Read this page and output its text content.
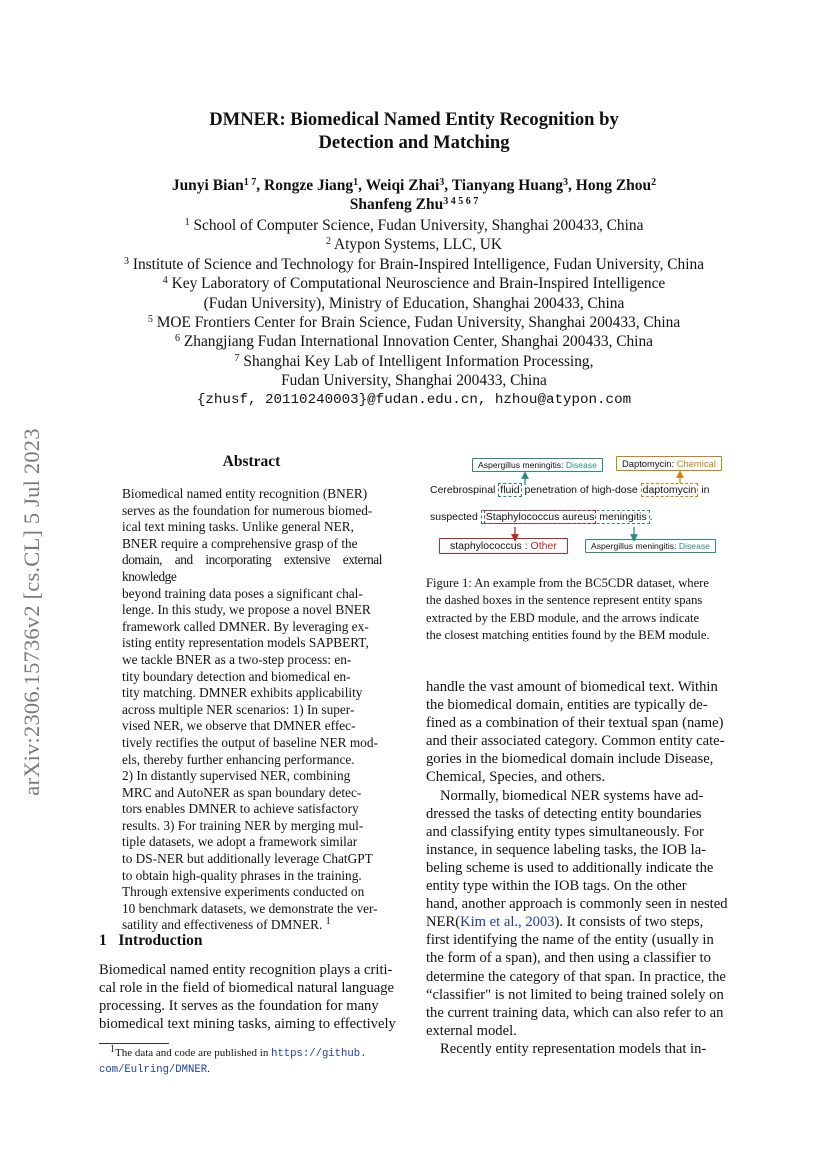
arXiv:2306.15736v2 [cs.CL] 5 Jul 2023
DMNER: Biomedical Named Entity Recognition by
Detection and Matching
Junyi Bian$^{1 7}$, Rongze Jiang$^1$, Weiqi Zhai$^3$, Tianyang Huang$^3$, Hong Zhou$^2$
Shanfeng Zhu$^{3 4 5 6 7}$
$^1$ School of Computer Science, Fudan University, Shanghai 200433, China
$^2$ Atypon Systems, LLC, UK
$^3$ Institute of Science and Technology for Brain-Inspired Intelligence, Fudan University, China
$^4$ Key Laboratory of Computational Neuroscience and Brain-Inspired Intelligence
(Fudan University), Ministry of Education, Shanghai 200433, China
$^5$ MOE Frontiers Center for Brain Science, Fudan University, Shanghai 200433, China
$^6$ Zhangjiang Fudan International Innovation Center, Shanghai 200433, China
$^7$ Shanghai Key Lab of Intelligent Information Processing,
Fudan University, Shanghai 200433, China
{zhusf, 20110240003}@fudan.edu.cn, hzhou@atypon.com
Abstract
Biomedical named entity recognition (BNER)
serves as the foundation for numerous biomed-
ical text mining tasks. Unlike general NER,
BNER require a comprehensive grasp of the
domain, and incorporating extensive external knowledge
beyond training data poses a significant chal-
lenge. In this study, we propose a novel BNER
framework called DMNER. By leveraging ex-
isting entity representation models SAPBERT,
we tackle BNER as a two-step process: en-
tity boundary detection and biomedical en-
tity matching. DMNER exhibits applicability
across multiple NER scenarios: 1) In super-
vised NER, we observe that DMNER effec-
tively rectifies the output of baseline NER mod-
els, thereby further enhancing performance.
2) In distantly supervised NER, combining
MRC and AutoNER as span boundary detec-
tors enables DMNER to achieve satisfactory
results. 3) For training NER by merging mul-
tiple datasets, we adopt a framework similar
to DS-NER but additionally leverage ChatGPT
to obtain high-quality phrases in the training.
Through extensive experiments conducted on
10 benchmark datasets, we demonstrate the ver-
satility and effectiveness of DMNER. $^1$
1 Introduction
Biomedical named entity recognition plays a criti-
cal role in the field of biomedical natural language
processing. It serves as the foundation for many
biomedical text mining tasks, aiming to effectively
$^1$The data and code are published in https://github.
com/Eulring/DMNER.
Aspergillus meningitis: Disease	Daptomycin: Chemical
Cerebrospinal fluid penetration of high-dose daptomycin in
suspected Staphylococcus aureus meningitis .
staphylococcus : Other	Aspergillus meningitis: Disease
Figure 1: An example from the BC5CDR dataset, where
the dashed boxes in the sentence represent entity spans
extracted by the EBD module, and the arrows indicate
the closest matching entities found by the BEM module.
handle the vast amount of biomedical text. Within
the biomedical domain, entities are typically de-
fined as a combination of their textual span (name)
and their associated category. Common entity cate-
gories in the biomedical domain include Disease,
Chemical, Species, and others.
Normally, biomedical NER systems have ad-
dressed the tasks of detecting entity boundaries
and classifying entity types simultaneously. For
instance, in sequence labeling tasks, the IOB la-
beling scheme is used to additionally indicate the
entity type within the IOB tags. On the other
hand, another approach is commonly seen in nested
NER(Kim et al., 2003). It consists of two steps,
first identifying the name of the entity (usually in
the form of a span), and then using a classifier to
determine the category of that span. In practice, the
“classifier" is not limited to being trained solely on
the current training data, which can also refer to an
external model.
Recently entity representation models that in-
